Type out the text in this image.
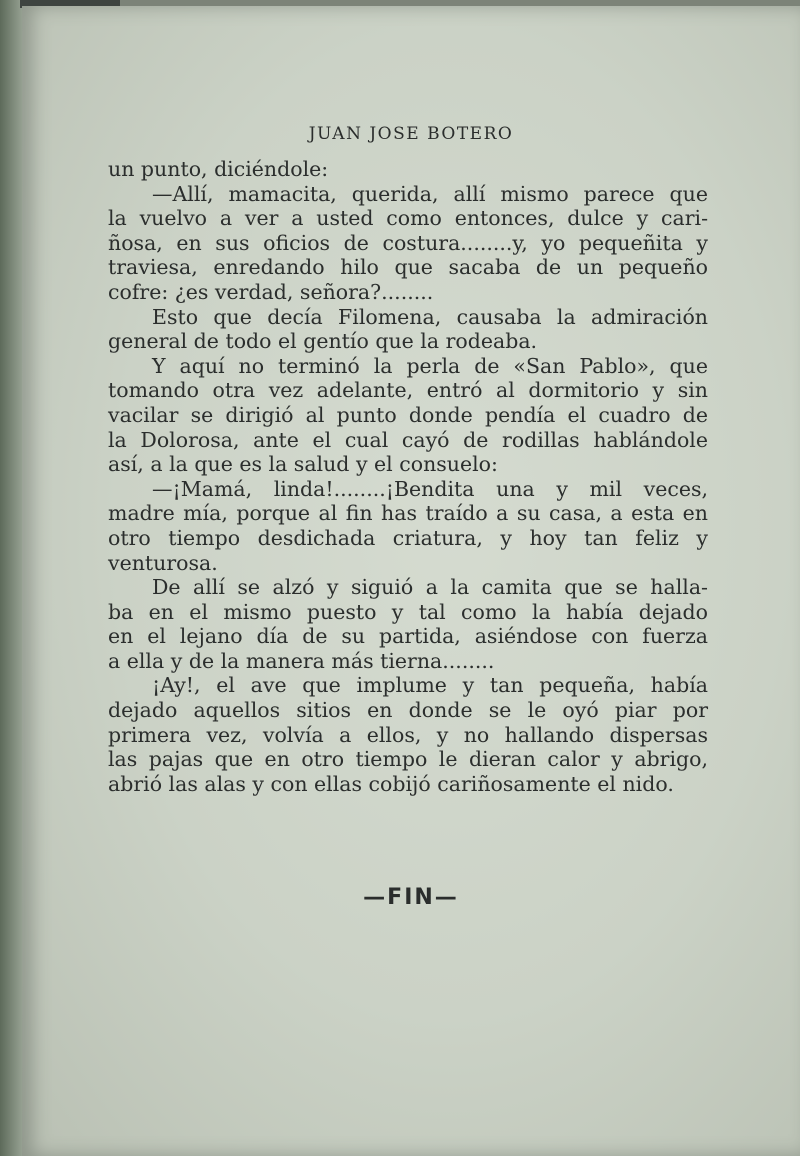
JUAN JOSE BOTERO
un punto, diciéndole:
—Allí, mamacita, querida, allí mismo parece que
la vuelvo a ver a usted como entonces, dulce y cari-
ñosa, en sus oficios de costura........y, yo pequeñita y
traviesa, enredando hilo que sacaba de un pequeño
cofre: ¿es verdad, señora?........
Esto que decía Filomena, causaba la admiración
general de todo el gentío que la rodeaba.
Y aquí no terminó la perla de «San Pablo», que
tomando otra vez adelante, entró al dormitorio y sin
vacilar se dirigió al punto donde pendía el cuadro de
la Dolorosa, ante el cual cayó de rodillas hablándole
así, a la que es la salud y el consuelo:
—¡Mamá, linda!........¡Bendita una y mil veces,
madre mía, porque al fin has traído a su casa, a esta en
otro tiempo desdichada criatura, y hoy tan feliz y
venturosa.
De allí se alzó y siguió a la camita que se halla-
ba en el mismo puesto y tal como la había dejado
en el lejano día de su partida, asiéndose con fuerza
a ella y de la manera más tierna........
¡Ay!, el ave que implume y tan pequeña, había
dejado aquellos sitios en donde se le oyó piar por
primera vez, volvía a ellos, y no hallando dispersas
las pajas que en otro tiempo le dieran calor y abrigo,
abrió las alas y con ellas cobijó cariñosamente el nido.
—FIN—
